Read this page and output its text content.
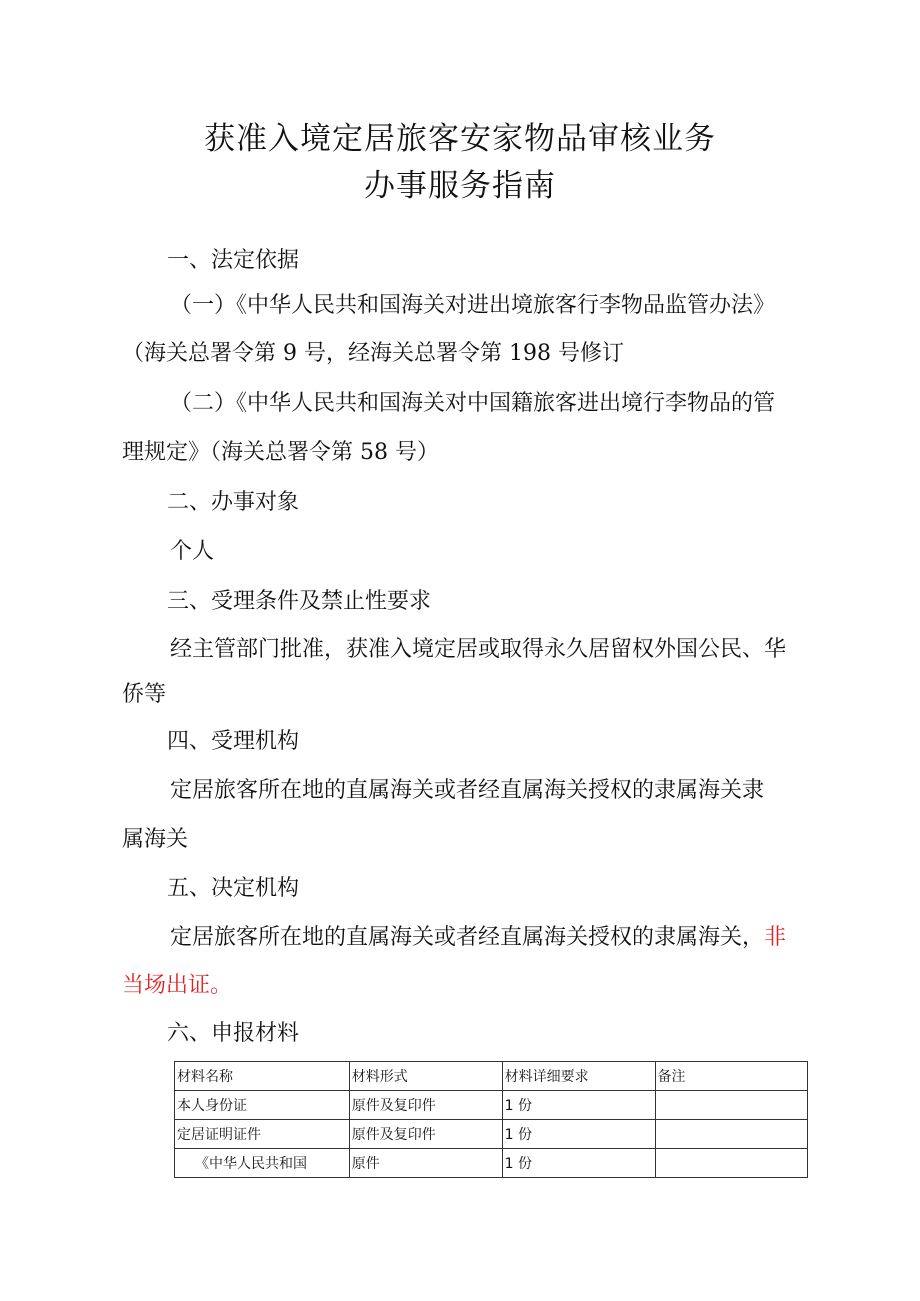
获准入境定居旅客安家物品审核业务
办事服务指南
一、法定依据
（一）《中华人民共和国海关对进出境旅客行李物品监管办法》
（海关总署令第 9 号，经海关总署令第 198 号修订
（二）《中华人民共和国海关对中国籍旅客进出境行李物品的管
理规定》（海关总署令第 58 号）
二、办事对象
个人
三、受理条件及禁止性要求
经主管部门批准，获准入境定居或取得永久居留权外国公民、华
侨等
四、受理机构
定居旅客所在地的直属海关或者经直属海关授权的隶属海关隶
属海关
五、决定机构
定居旅客所在地的直属海关或者经直属海关授权的隶属海关，非
当场出证。
六、申报材料
材料名称	材料形式	材料详细要求	备注
本人身份证	原件及复印件	1 份	
定居证明证件	原件及复印件	1 份	
《中华人民共和国	原件	1 份	
